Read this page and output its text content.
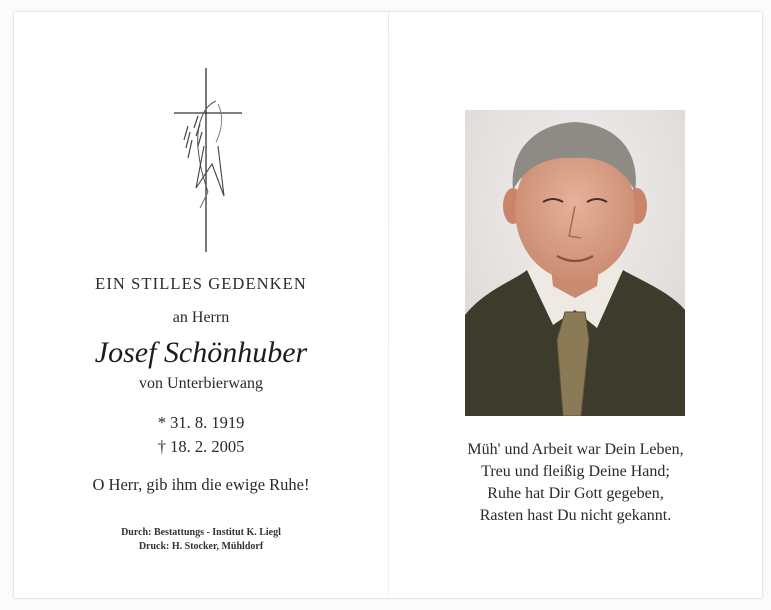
EIN STILLES GEDENKEN
an Herrn
Josef Schönhuber
von Unterbierwang
* 31. 8. 1919
† 18. 2. 2005
O Herr, gib ihm die ewige Ruhe!
Durch: Bestattungs - Institut K. Liegl
Druck: H. Stocker, Mühldorf
Müh' und Arbeit war Dein Leben,
Treu und fleißig Deine Hand;
Ruhe hat Dir Gott gegeben,
Rasten hast Du nicht gekannt.
